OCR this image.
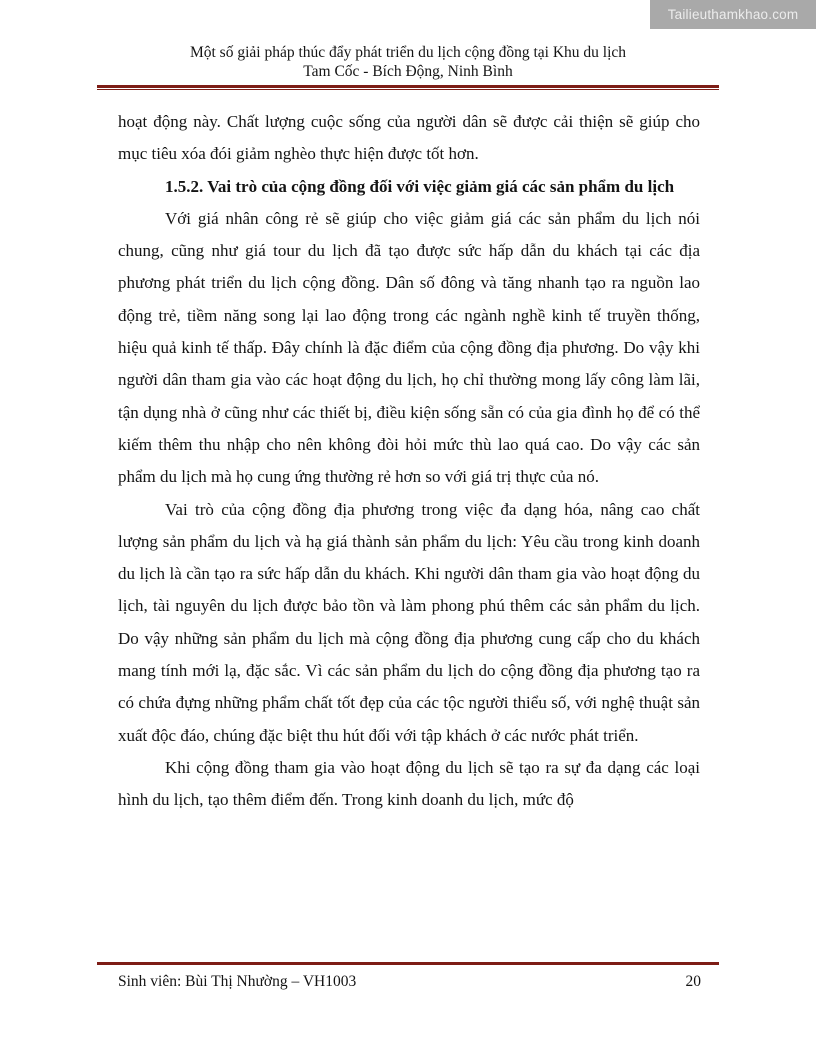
Tailieuthamkhao.com
Một số giải pháp thúc đẩy phát triển du lịch cộng đồng tại Khu du lịch
Tam Cốc - Bích Động, Ninh Bình

hoạt động này. Chất lượng cuộc sống của người dân sẽ được cải thiện sẽ giúp cho mục tiêu xóa đói giảm nghèo thực hiện được tốt hơn.

1.5.2. Vai trò của cộng đồng đối với việc giảm giá các sản phẩm du lịch

Với giá nhân công rẻ sẽ giúp cho việc giảm giá các sản phẩm du lịch nói chung, cũng như giá tour du lịch đã tạo được sức hấp dẫn du khách tại các địa phương phát triển du lịch cộng đồng. Dân số đông và tăng nhanh tạo ra nguồn lao động trẻ, tiềm năng song lại lao động trong các ngành nghề kinh tế truyền thống, hiệu quả kinh tế thấp. Đây chính là đặc điểm của cộng đồng địa phương. Do vậy khi người dân tham gia vào các hoạt động du lịch, họ chỉ thường mong lấy công làm lãi, tận dụng nhà ở cũng như các thiết bị, điều kiện sống sẵn có của gia đình họ để có thể kiếm thêm thu nhập cho nên không đòi hỏi mức thù lao quá cao. Do vậy các sản phẩm du lịch mà họ cung ứng thường rẻ hơn so với giá trị thực của nó.

Vai trò của cộng đồng địa phương trong việc đa dạng hóa, nâng cao chất lượng sản phẩm du lịch và hạ giá thành sản phẩm du lịch: Yêu cầu trong kinh doanh du lịch là cần tạo ra sức hấp dẫn du khách. Khi người dân tham gia vào hoạt động du lịch, tài nguyên du lịch được bảo tồn và làm phong phú thêm các sản phẩm du lịch. Do vậy những sản phẩm du lịch mà cộng đồng địa phương cung cấp cho du khách mang tính mới lạ, đặc sắc. Vì các sản phẩm du lịch do cộng đồng địa phương tạo ra có chứa đựng những phẩm chất tốt đẹp của các tộc người thiểu số, với nghệ thuật sản xuất độc đáo, chúng đặc biệt thu hút đối với tập khách ở các nước phát triển.

Khi cộng đồng tham gia vào hoạt động du lịch sẽ tạo ra sự đa dạng các loại hình du lịch, tạo thêm điểm đến. Trong kinh doanh du lịch, mức độ

Sinh viên: Bùi Thị Nhường – VH1003	20
